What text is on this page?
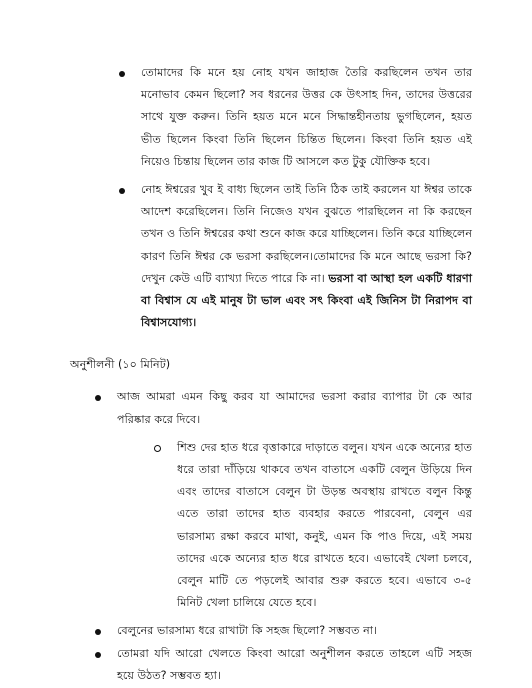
তোমাদের কি মনে হয় নোহ যখন জাহাজ তৈরি করছিলেন তখন তার মনোভাব কেমন ছিলো? সব ধরনের উত্তর কে উৎসাহ দিন, তাদের উত্তরের সাথে যুক্ত করুন। তিনি হয়ত মনে মনে সিদ্ধান্তহীনতায় ভুগছিলেন, হয়ত ভীত ছিলেন কিংবা তিনি ছিলেন চিন্তিত ছিলেন। কিংবা তিনি হয়ত এই নিয়েও চিন্তায় ছিলেন তার কাজ টি আসলে কত টুকু যৌক্তিক হবে।
নোহ ঈশ্বরের খুব ই বাধ্য ছিলেন তাই তিনি ঠিক তাই করলেন যা ঈশ্বর তাকে আদেশ করেছিলেন। তিনি নিজেও যখন বুঝতে পারছিলেন না কি করছেন তখন ও তিনি ঈশ্বরের কথা শুনে কাজ করে যাচ্ছিলেন। তিনি করে যাচ্ছিলেন কারণ তিনি ঈশ্বর কে ভরসা করছিলেন।তোমাদের কি মনে আছে ভরসা কি? দেখুন কেউ এটি ব্যাখ্যা দিতে পারে কি না। ভরসা বা আস্থা হল একটি ধারণা বা বিশ্বাস যে এই মানুষ টা ভাল এবং সৎ কিংবা এই জিনিস টা নিরাপদ বা বিশ্বাসযোগ্য।
অনুশীলনী (১০ মিনিট)
আজ আমরা এমন কিছু করব যা আমাদের ভরসা করার ব্যাপার টা কে আর পরিষ্কার করে দিবে।
শিশু দের হাত ধরে বৃত্তাকারে দাড়াতে বলুন। যখন একে অন্যের হাত ধরে তারা দাঁড়িয়ে থাকবে তখন বাতাসে একটি বেলুন উড়িয়ে দিন এবং তাদের বাতাসে বেলুন টা উড়ন্ত অবস্থায় রাখতে বলুন কিন্তু এতে তারা তাদের হাত ব্যবহার করতে পারবেনা, বেলুন এর ভারসাম্য রক্ষা করবে মাথা, কনুই, এমন কি পাও দিয়ে, এই সময় তাদের একে অন্যের হাত ধরে রাখতে হবে। এভাবেই খেলা চলবে, বেলুন মাটি তে পড়লেই আবার শুরু করতে হবে। এভাবে ৩-৫ মিনিট খেলা চালিয়ে যেতে হবে।
বেলুনের ভারসাম্য ধরে রাখাটা কি সহজ ছিলো? সম্ভবত না।
তোমরা যদি আরো খেলতে কিংবা আরো অনুশীলন করতে তাহলে এটি সহজ হয়ে উঠত? সম্ভবত হ্যা।
